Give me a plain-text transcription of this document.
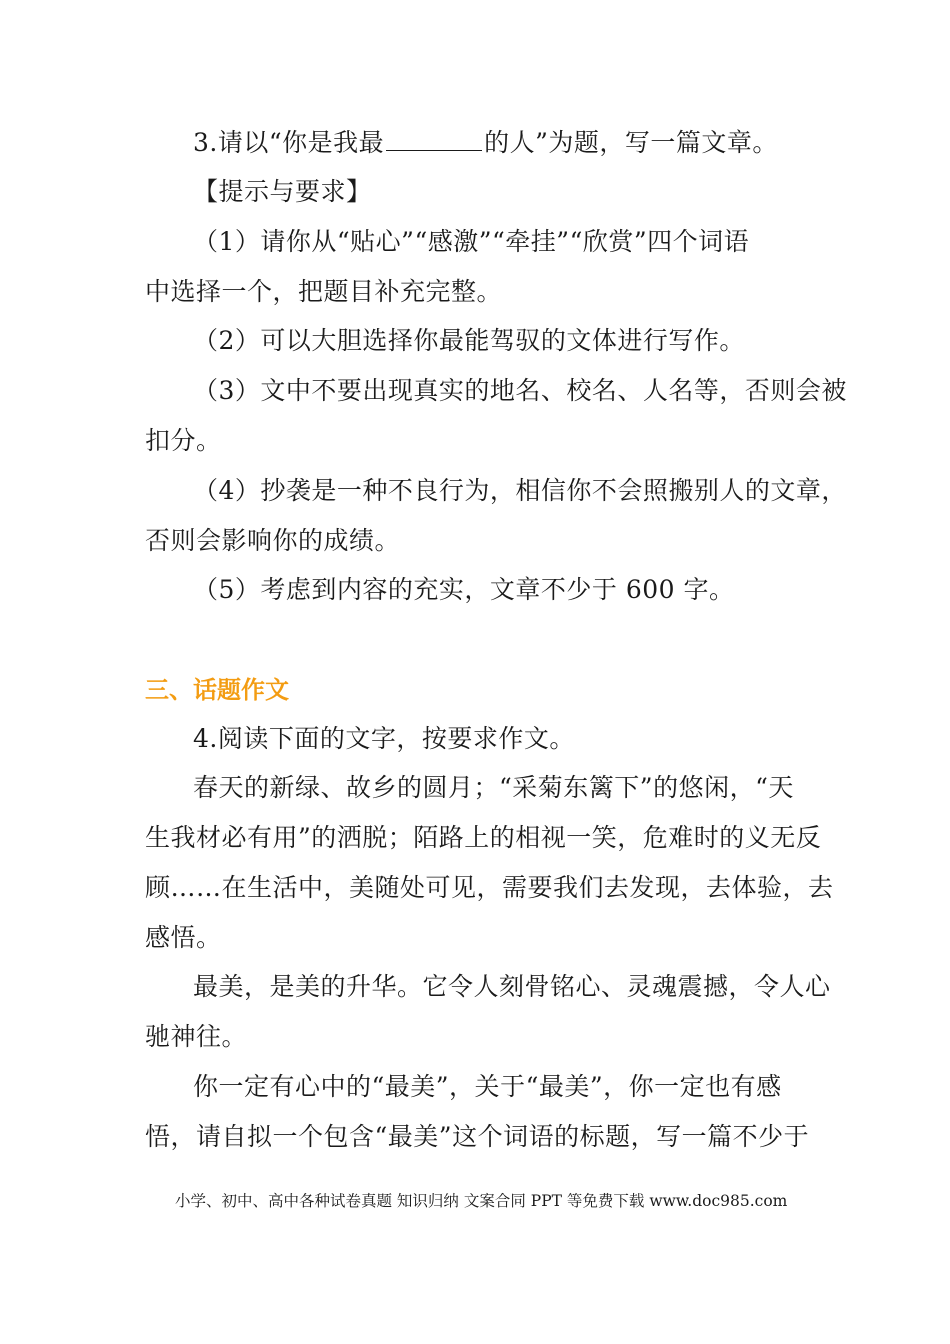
3.请以“你是我最	的人”为题，写一篇文章。
【提示与要求】
（1）请你从“贴心”“感激”“牵挂”“欣赏”四个词语
中选择一个，把题目补充完整。
（2）可以大胆选择你最能驾驭的文体进行写作。
（3）文中不要出现真实的地名、校名、人名等，否则会被
扣分。
（4）抄袭是一种不良行为，相信你不会照搬别人的文章，
否则会影响你的成绩。
（5）考虑到内容的充实，文章不少于 600 字。
三、话题作文
4.阅读下面的文字，按要求作文。
春天的新绿、故乡的圆月；“采菊东篱下”的悠闲，“天
生我材必有用”的洒脱；陌路上的相视一笑，危难时的义无反
顾……在生活中，美随处可见，需要我们去发现，去体验，去
感悟。
最美，是美的升华。它令人刻骨铭心、灵魂震撼，令人心
驰神往。
你一定有心中的“最美”，关于“最美”，你一定也有感
悟，请自拟一个包含“最美”这个词语的标题，写一篇不少于
小学、初中、高中各种试卷真题 知识归纳 文案合同 PPT 等免费下载 www.doc985.com
